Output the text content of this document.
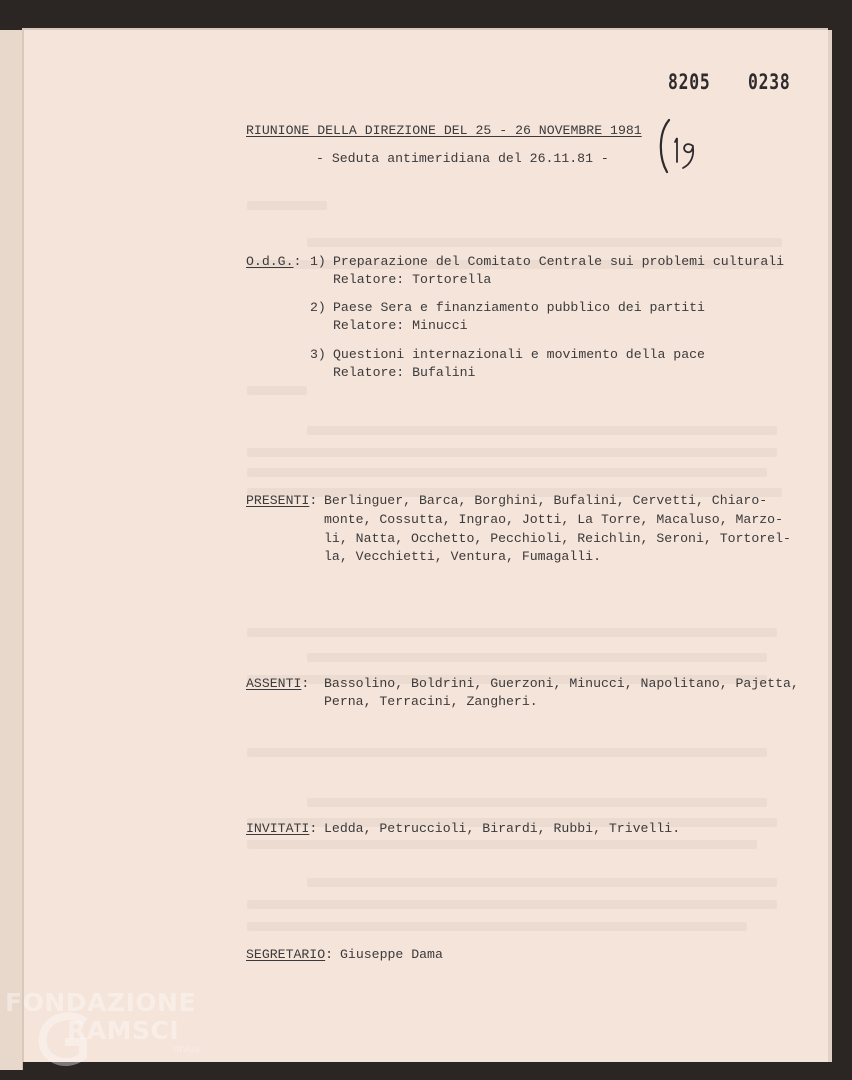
8205 0238
RIUNIONE DELLA DIREZIONE DEL 25 - 26 NOVEMBRE 1981
- Seduta antimeridiana del 26.11.81 -
O.d.G.: 1) Preparazione del Comitato Centrale sui problemi culturali
Relatore: Tortorella
2) Paese Sera e finanziamento pubblico dei partiti
Relatore: Minucci
3) Questioni internazionali e movimento della pace
Relatore: Bufalini
PRESENTI: Berlinguer, Barca, Borghini, Bufalini, Cervetti, Chiaro-
monte, Cossutta, Ingrao, Jotti, La Torre, Macaluso, Marzo-
li, Natta, Occhetto, Pecchioli, Reichlin, Seroni, Tortorel-
la, Vecchietti, Ventura, Fumagalli.
ASSENTI: Bassolino, Boldrini, Guerzoni, Minucci, Napolitano, Pajetta,
Perna, Terracini, Zangheri.
INVITATI: Ledda, Petruccioli, Birardi, Rubbi, Trivelli.
SEGRETARIO: Giuseppe Dama
FONDAZIONE
RAMSCI
onlus
